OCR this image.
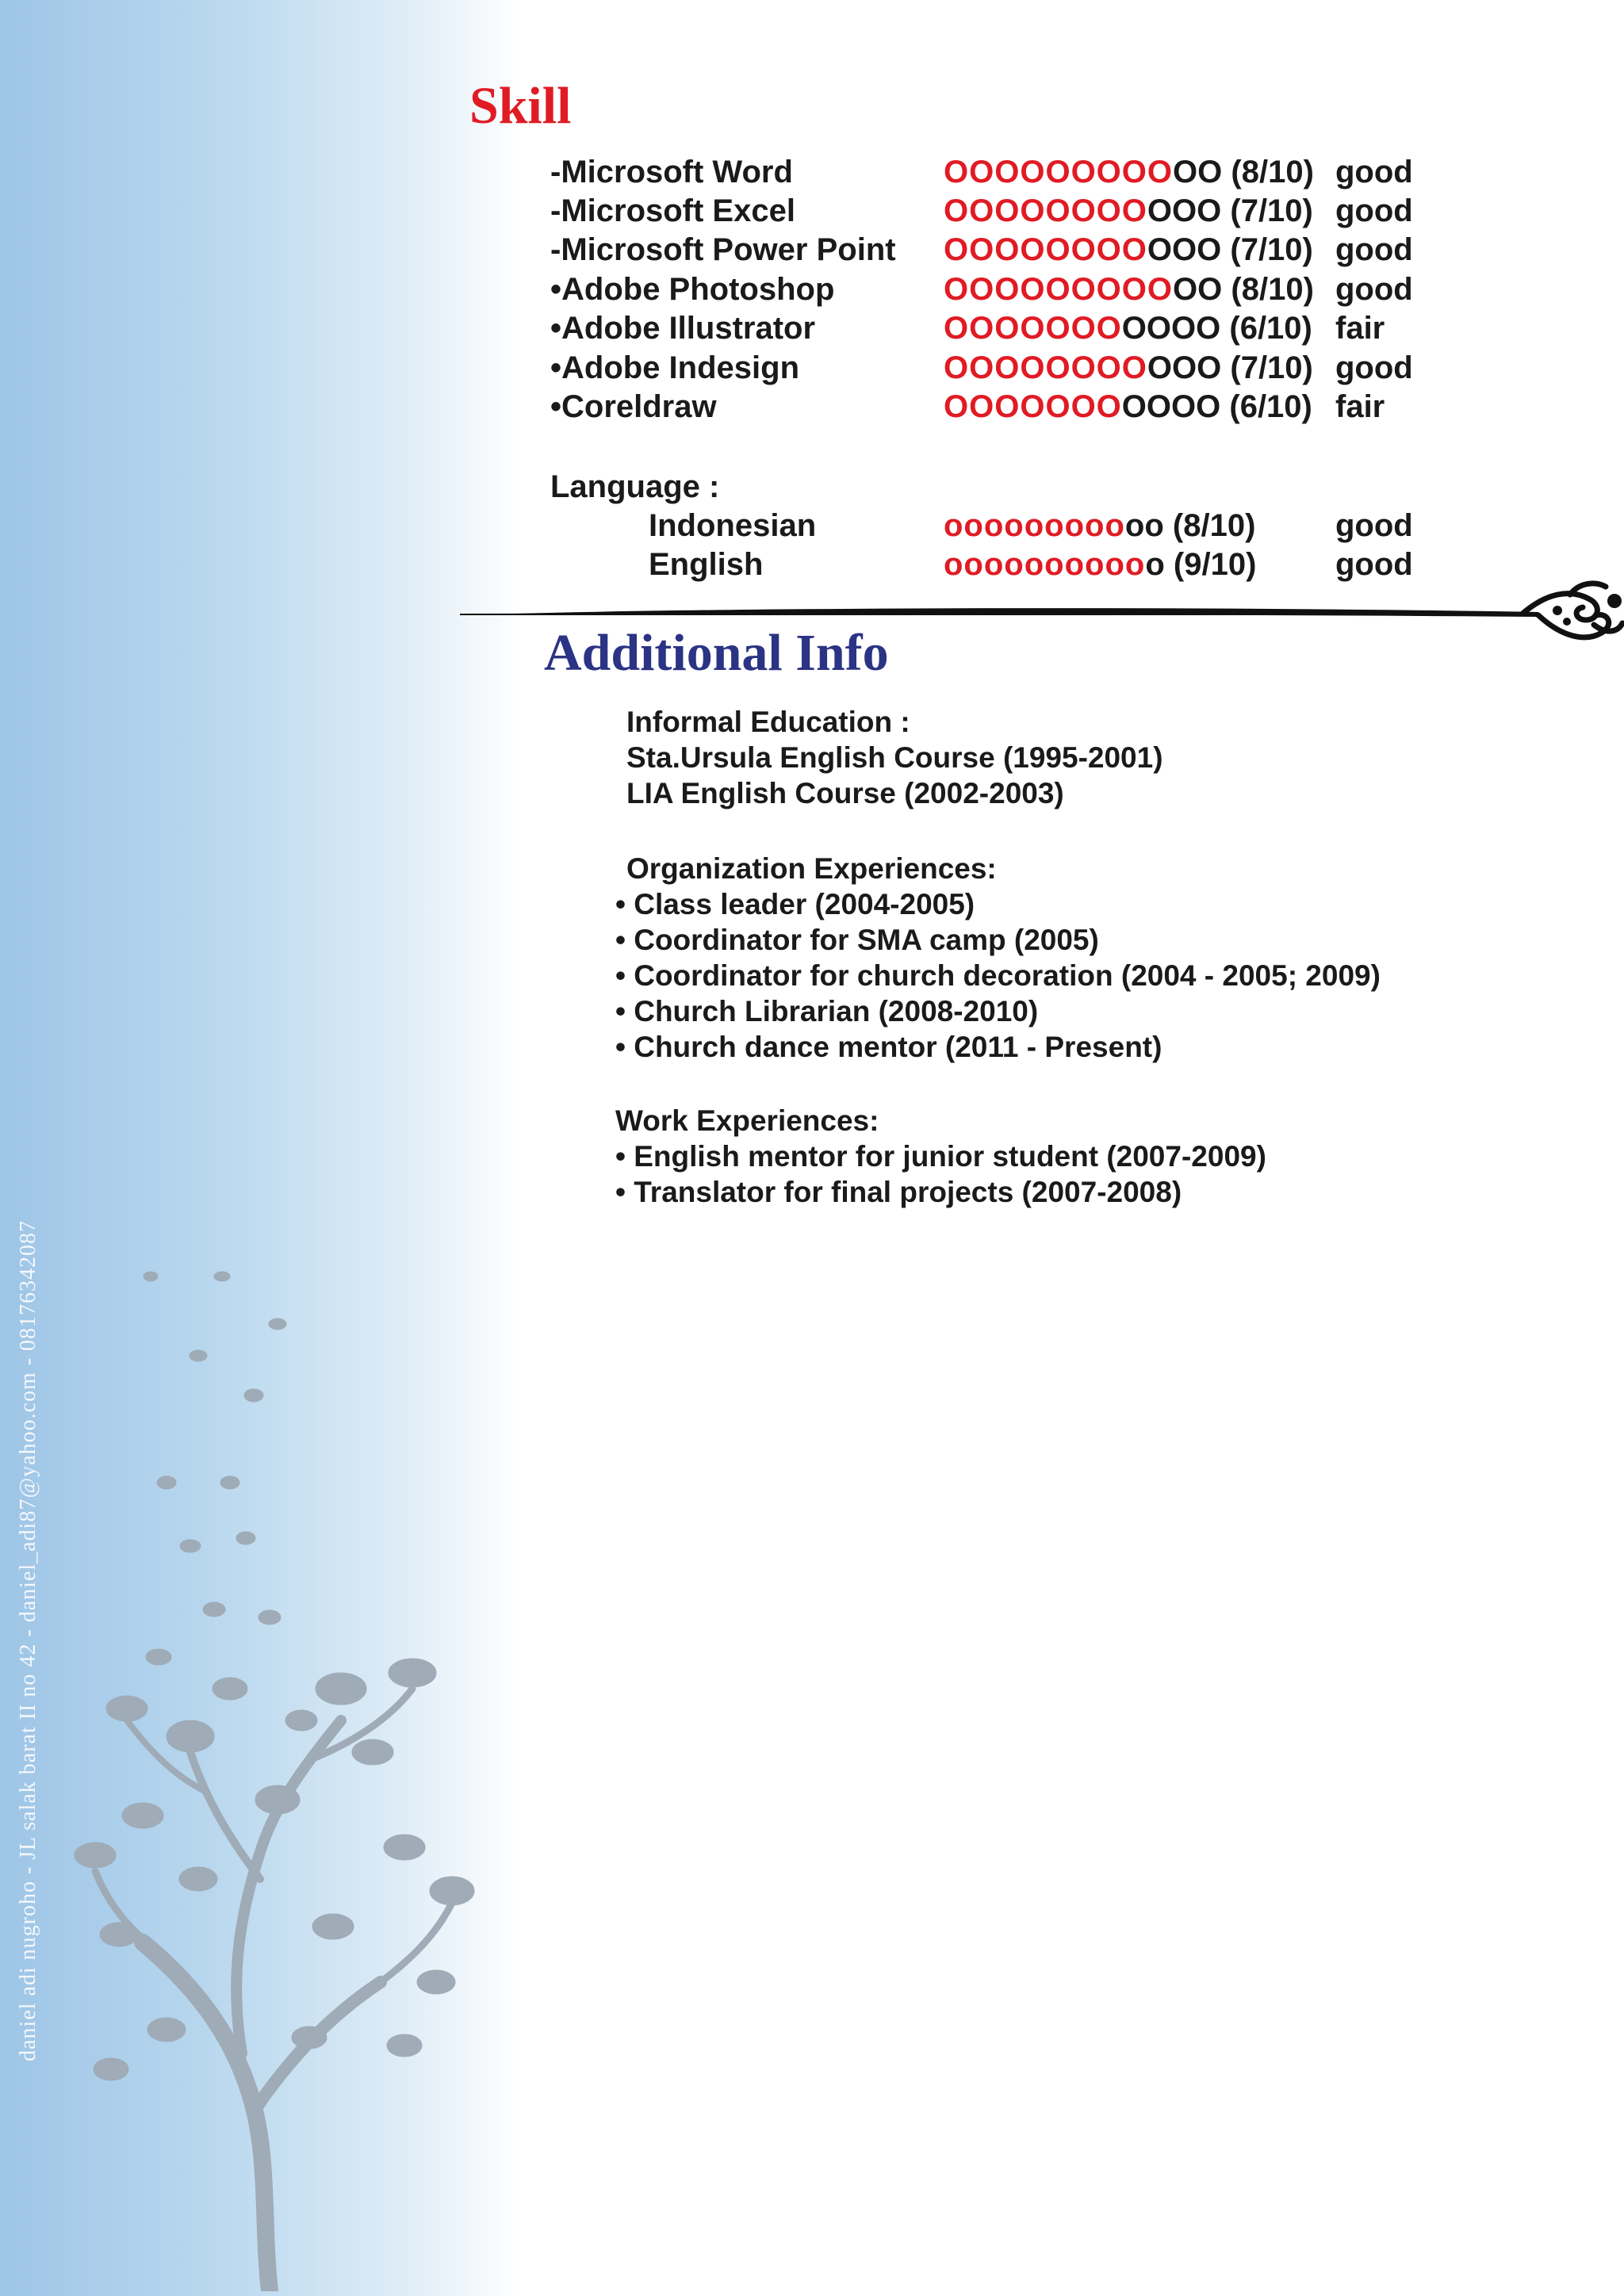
daniel adi nugroho - JL salak barat II no 42 - daniel_adi87@yahoo.com - 08176342087
Skill
-Microsoft Word	OOOOOOOOOOO (8/10) good
-Microsoft Excel	OOOOOOOOOOO (7/10) good
-Microsoft Power Point OOOOOOOOOOO (7/10) good
•Adobe Photoshop	OOOOOOOOOOO (8/10) good
•Adobe Illustrator	OOOOOOOOOOO (6/10) fair
•Adobe Indesign	OOOOOOOOOOO (7/10) good
•Coreldraw	OOOOOOOOOOO (6/10) fair
Language :
Indonesian	ooooooooooo (8/10)	good
English	ooooooooooo (9/10) good
Additional Info
Informal Education :
Sta.Ursula English Course (1995-2001)
LIA English Course (2002-2003)
Organization Experiences:
• Class leader (2004-2005)
• Coordinator for SMA camp (2005)
• Coordinator for church decoration (2004 - 2005; 2009)
• Church Librarian (2008-2010)
• Church dance mentor (2011 - Present)
Work Experiences:
• English mentor for junior student (2007-2009)
• Translator for final projects (2007-2008)
